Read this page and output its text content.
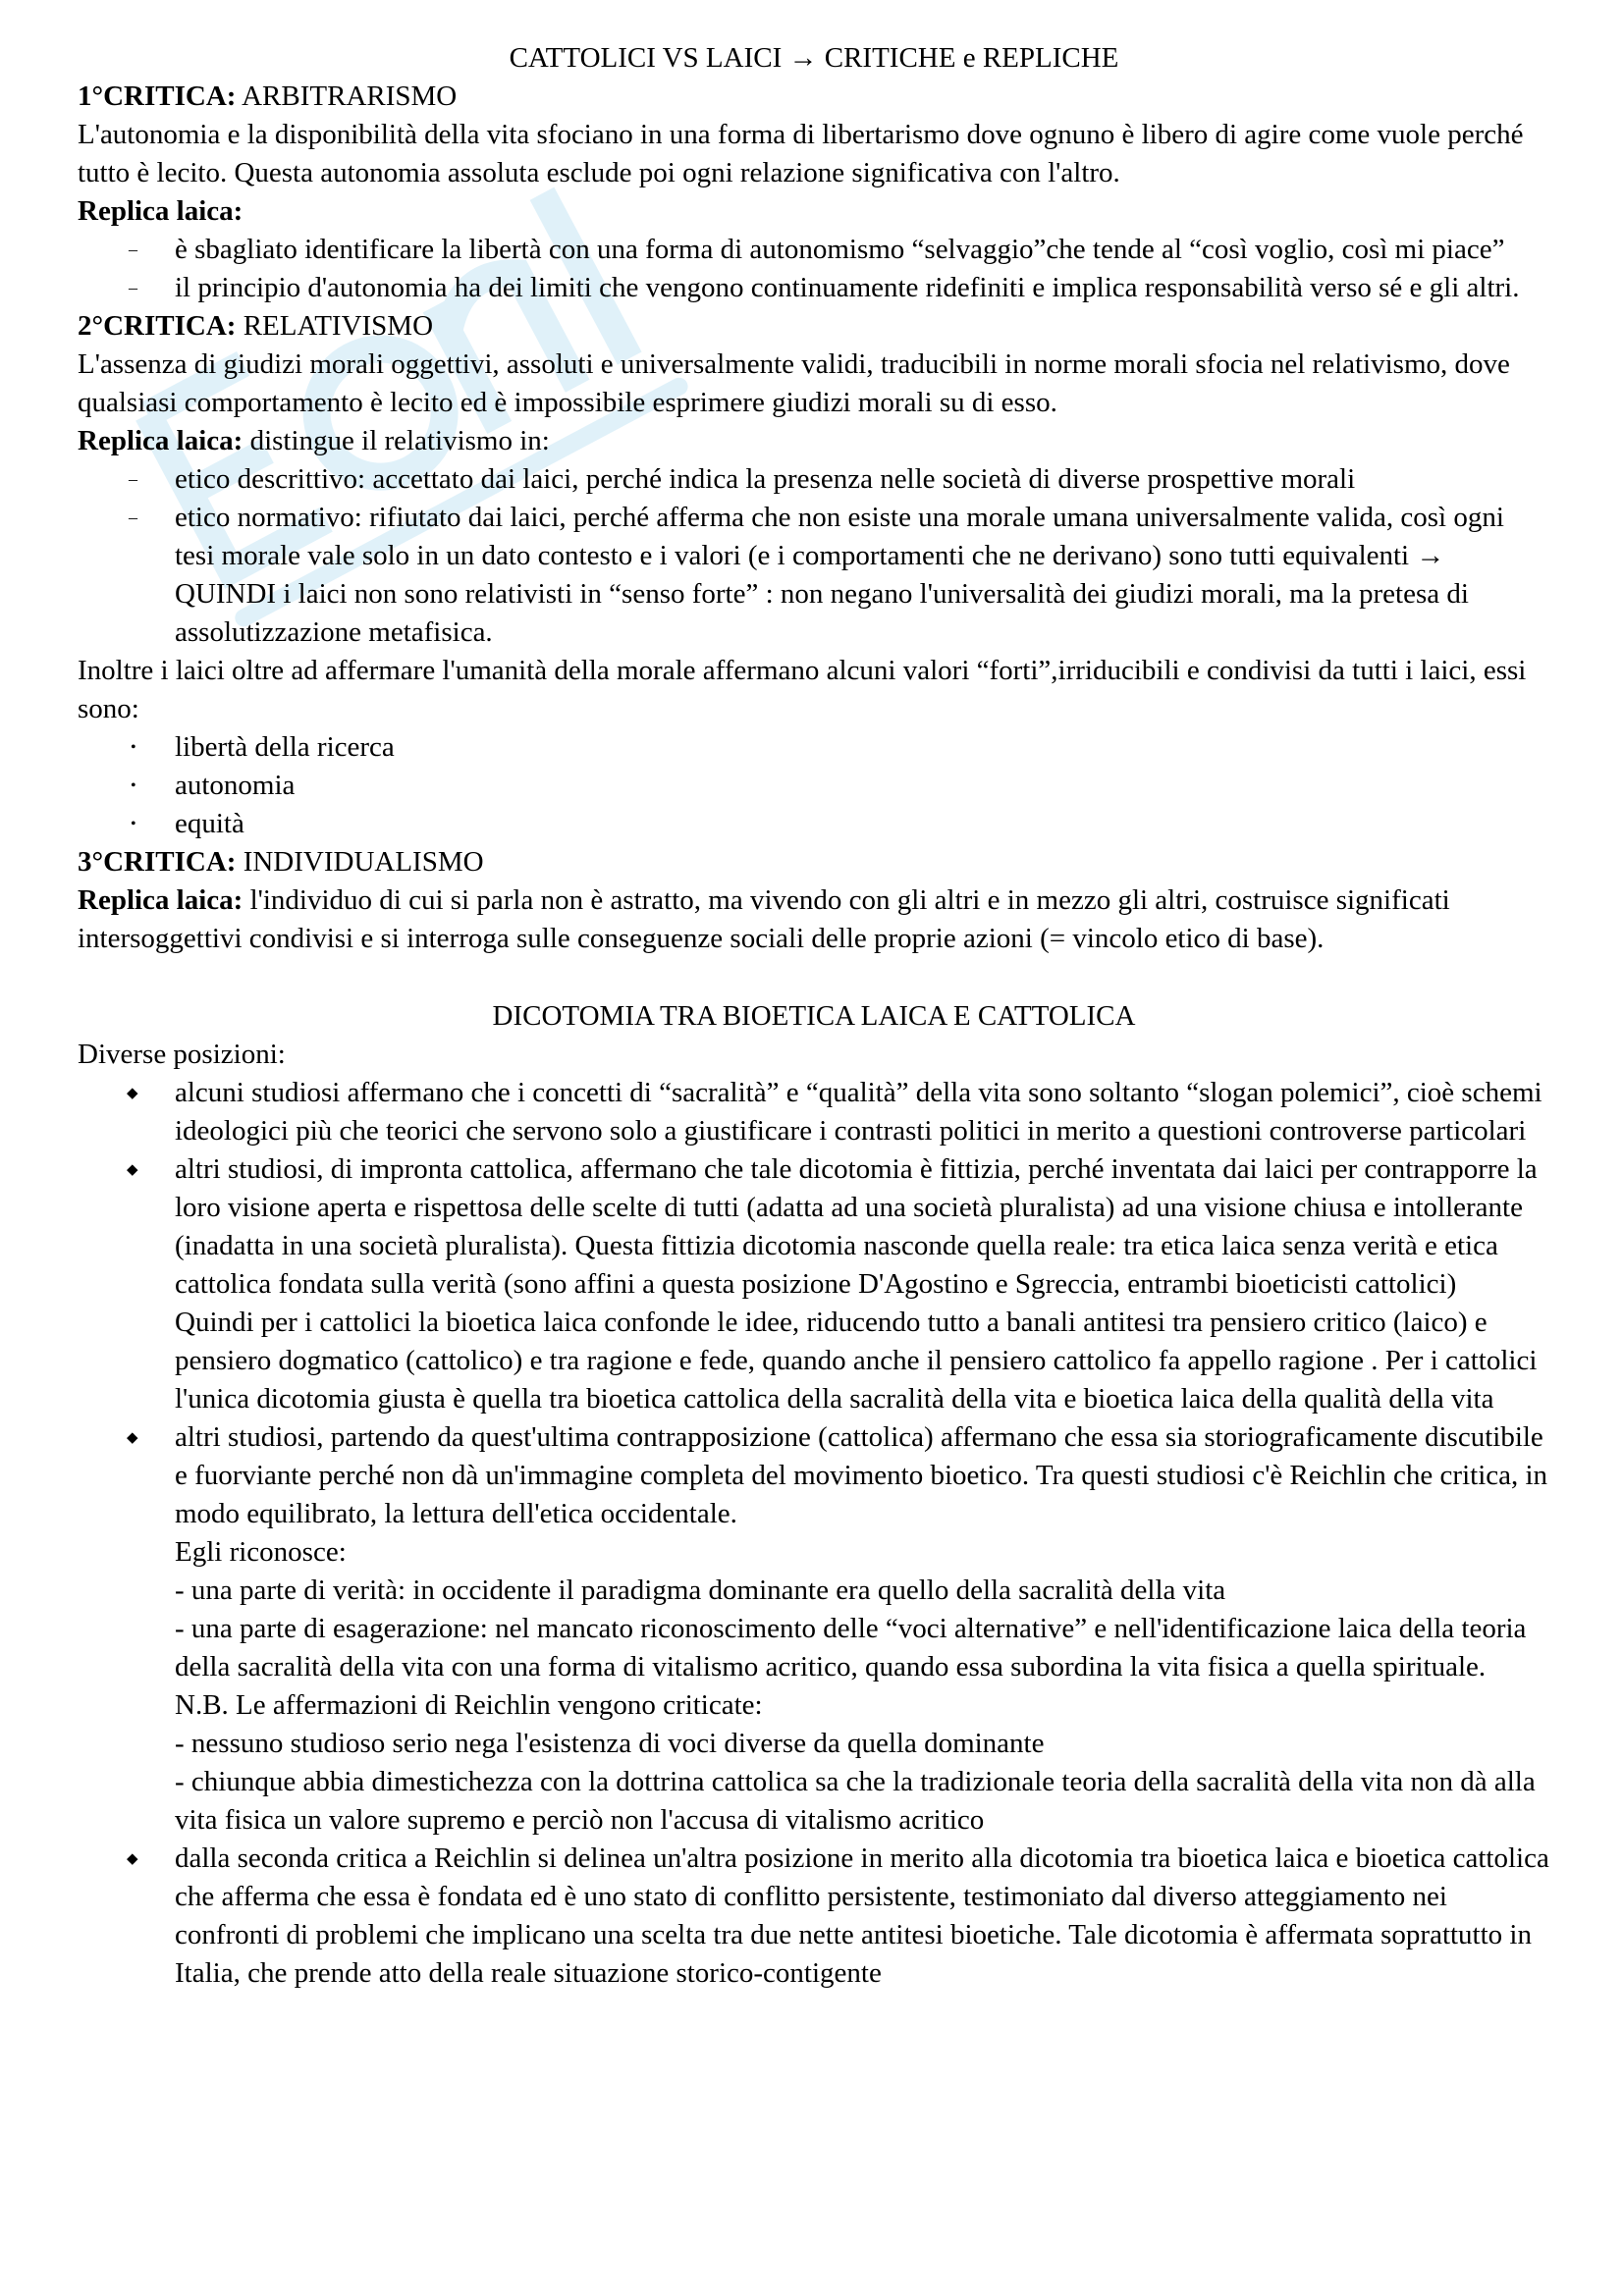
CATTOLICI VS LAICI → CRITICHE e REPLICHE

1°CRITICA: ARBITRARISMO

L'autonomia e la disponibilità della vita sfociano in una forma di libertarismo dove ognuno è libero di agire come vuole perché tutto è lecito. Questa autonomia assoluta esclude poi ogni relazione significativa con l'altro.

Replica laica:

– è sbagliato identificare la libertà con una forma di autonomismo “selvaggio”che tende al “così voglio, così mi piace”
– il principio d'autonomia ha dei limiti che vengono continuamente ridefiniti e implica responsabilità verso sé e gli altri.

2°CRITICA: RELATIVISMO

L'assenza di giudizi morali oggettivi, assoluti e universalmente validi, traducibili in norme morali sfocia nel relativismo, dove qualsiasi comportamento è lecito ed è impossibile esprimere giudizi morali su di esso.

Replica laica: distingue il relativismo in:

– etico descrittivo: accettato dai laici, perché indica la presenza nelle società di diverse prospettive morali
– etico normativo: rifiutato dai laici, perché afferma che non esiste una morale umana universalmente valida, così ogni tesi morale vale solo in un dato contesto e i valori (e i comportamenti che ne derivano) sono tutti equivalenti → QUINDI i laici non sono relativisti in “senso forte” : non negano l'universalità dei giudizi morali, ma la pretesa di assolutizzazione metafisica.

Inoltre i laici oltre ad affermare l'umanità della morale affermano alcuni valori “forti”,irriducibili e condivisi da tutti i laici, essi sono:

• libertà della ricerca
• autonomia
• equità

3°CRITICA: INDIVIDUALISMO

Replica laica: l'individuo di cui si parla non è astratto, ma vivendo con gli altri e in mezzo gli altri, costruisce significati intersoggettivi condivisi e si interroga sulle conseguenze sociali delle proprie azioni (= vincolo etico di base).

DICOTOMIA TRA BIOETICA LAICA E CATTOLICA

Diverse posizioni:

◆ alcuni studiosi affermano che i concetti di “sacralità” e “qualità” della vita sono soltanto “slogan polemici”, cioè schemi ideologici più che teorici che servono solo a giustificare i contrasti politici in merito a questioni controverse particolari
◆ altri studiosi, di impronta cattolica, affermano che tale dicotomia è fittizia, perché inventata dai laici per contrapporre la loro visione aperta e rispettosa delle scelte di tutti (adatta ad una società pluralista) ad una visione chiusa e intollerante (inadatta in una società pluralista). Questa fittizia dicotomia nasconde quella reale: tra etica laica senza verità e etica cattolica fondata sulla verità (sono affini a questa posizione D'Agostino e Sgreccia, entrambi bioeticisti cattolici)

Quindi per i cattolici la bioetica laica confonde le idee, riducendo tutto a banali antitesi tra pensiero critico (laico) e pensiero dogmatico (cattolico) e tra ragione e fede, quando anche il pensiero cattolico fa appello ragione . Per i cattolici l'unica dicotomia giusta è quella tra bioetica cattolica della sacralità della vita e bioetica laica della qualità della vita

◆ altri studiosi, partendo da quest'ultima contrapposizione (cattolica) affermano che essa sia storiograficamente discutibile e fuorviante perché non dà un'immagine completa del movimento bioetico. Tra questi studiosi c'è Reichlin che critica, in modo equilibrato, la lettura dell'etica occidentale.

Egli riconosce:

- una parte di verità: in occidente il paradigma dominante era quello della sacralità della vita

- una parte di esagerazione: nel mancato riconoscimento delle “voci alternative” e nell'identificazione laica della teoria della sacralità della vita con una forma di vitalismo acritico, quando essa subordina la vita fisica a quella spirituale.

N.B. Le affermazioni di Reichlin vengono criticate:

- nessuno studioso serio nega l'esistenza di voci diverse da quella dominante

- chiunque abbia dimestichezza con la dottrina cattolica sa che la tradizionale teoria della sacralità della vita non dà alla vita fisica un valore supremo e perciò non l'accusa di vitalismo acritico

◆ dalla seconda critica a Reichlin si delinea un'altra posizione in merito alla dicotomia tra bioetica laica e bioetica cattolica che afferma che essa è fondata ed è uno stato di conflitto persistente, testimoniato dal diverso atteggiamento nei confronti di problemi che implicano una scelta tra due nette antitesi bioetiche. Tale dicotomia è affermata soprattutto in Italia, che prende atto della reale situazione storico-contigente
